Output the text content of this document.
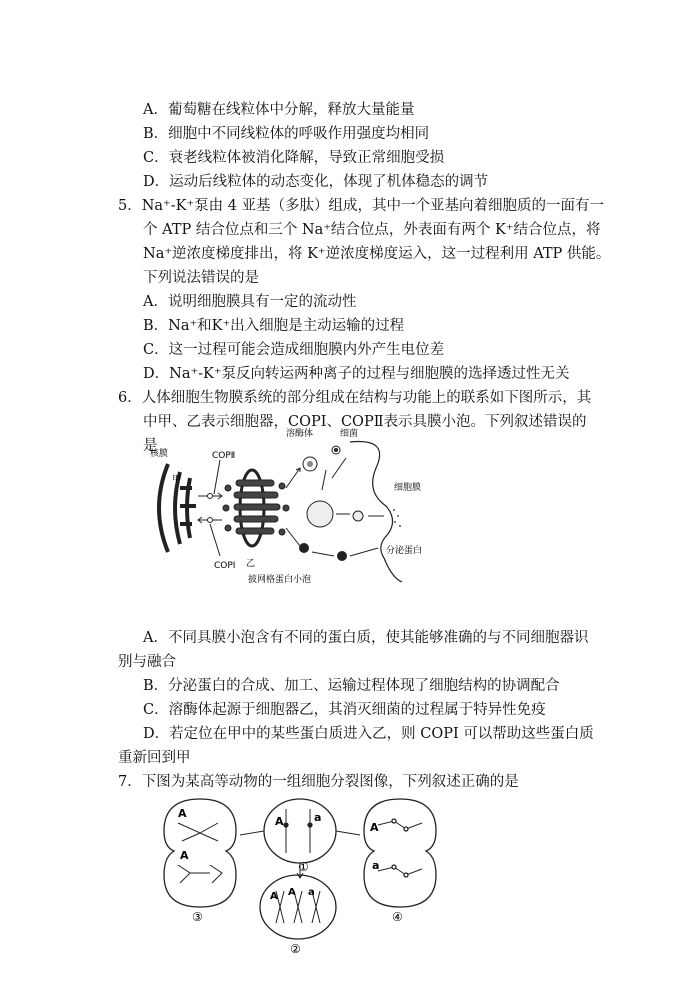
A．葡萄糖在线粒体中分解，释放大量能量
B．细胞中不同线粒体的呼吸作用强度均相同
C．衰老线粒体被消化降解，导致正常细胞受损
D．运动后线粒体的动态变化，体现了机体稳态的调节
5．Na⁺-K⁺泵由 4 亚基（多肽）组成，其中一个亚基向着细胞质的一面有一
个 ATP 结合位点和三个 Na⁺结合位点，外表面有两个 K⁺结合位点，将
Na⁺逆浓度梯度排出，将 K⁺逆浓度梯度运入，这一过程利用 ATP 供能。
下列说法错误的是
A．说明细胞膜具有一定的流动性
B．Na⁺和K⁺出入细胞是主动运输的过程
C．这一过程可能会造成细胞膜内外产生电位差
D．Na⁺-K⁺泵反向转运两种离子的过程与细胞膜的选择透过性无关
6．人体细胞生物膜系统的部分组成在结构与功能上的联系如下图所示，其
中甲、乙表示细胞器，COPⅠ、COPⅡ表示具膜小泡。下列叙述错误的
是
核膜
甲
乙
COPⅡ
COPⅠ
细菌
溶酶体
细胞膜
分泌蛋白
披网格蛋白小泡
A．不同具膜小泡含有不同的蛋白质，使其能够准确的与不同细胞器识
别与融合
B．分泌蛋白的合成、加工、运输过程体现了细胞结构的协调配合
C．溶酶体起源于细胞器乙，其消灭细菌的过程属于特异性免疫
D．若定位在甲中的某些蛋白质进入乙，则 COPI 可以帮助这些蛋白质
重新回到甲
7．下图为某高等动物的一组细胞分裂图像，下列叙述正确的是
A
A
③
A	a
①
A A a
②
A
a
④
